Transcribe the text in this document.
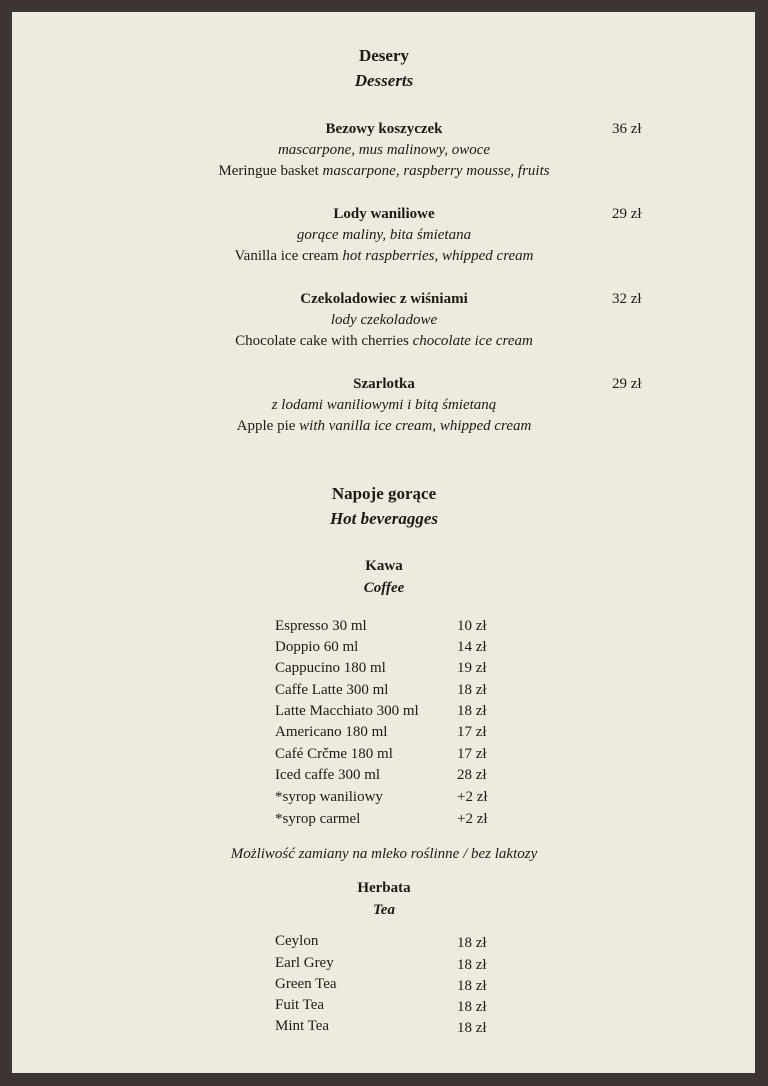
Desery
Desserts
Bezowy koszyczek	36 zł
mascarpone, mus malinowy, owoce
Meringue basket mascarpone, raspberry mousse, fruits
Lody waniliowe	29 zł
gorące maliny, bita śmietana
Vanilla ice cream hot raspberries, whipped cream
Czekoladowiec z wiśniami	32 zł
lody czekoladowe
Chocolate cake with cherries chocolate ice cream
Szarlotka	29 zł
z lodami waniliowymi i bitą śmietaną
Apple pie with vanilla ice cream, whipped cream
Napoje gorące
Hot beveragges
Kawa
Coffee
Espresso 30 ml	10 zł
Doppio 60 ml	14 zł
Cappucino 180 ml	19 zł
Caffe Latte 300 ml	18 zł
Latte Macchiato 300 ml	18 zł
Americano 180 ml	17 zł
Café Crčme 180 ml	17 zł
Iced caffe 300 ml	28 zł
*syrop waniliowy	+2 zł
*syrop carmel	+2 zł
Możliwość zamiany na mleko roślinne / bez laktozy
Herbata
Tea
Ceylon	18 zł
Earl Grey	18 zł
Green Tea	18 zł
Fuit Tea	18 zł
Mint Tea	18 zł
